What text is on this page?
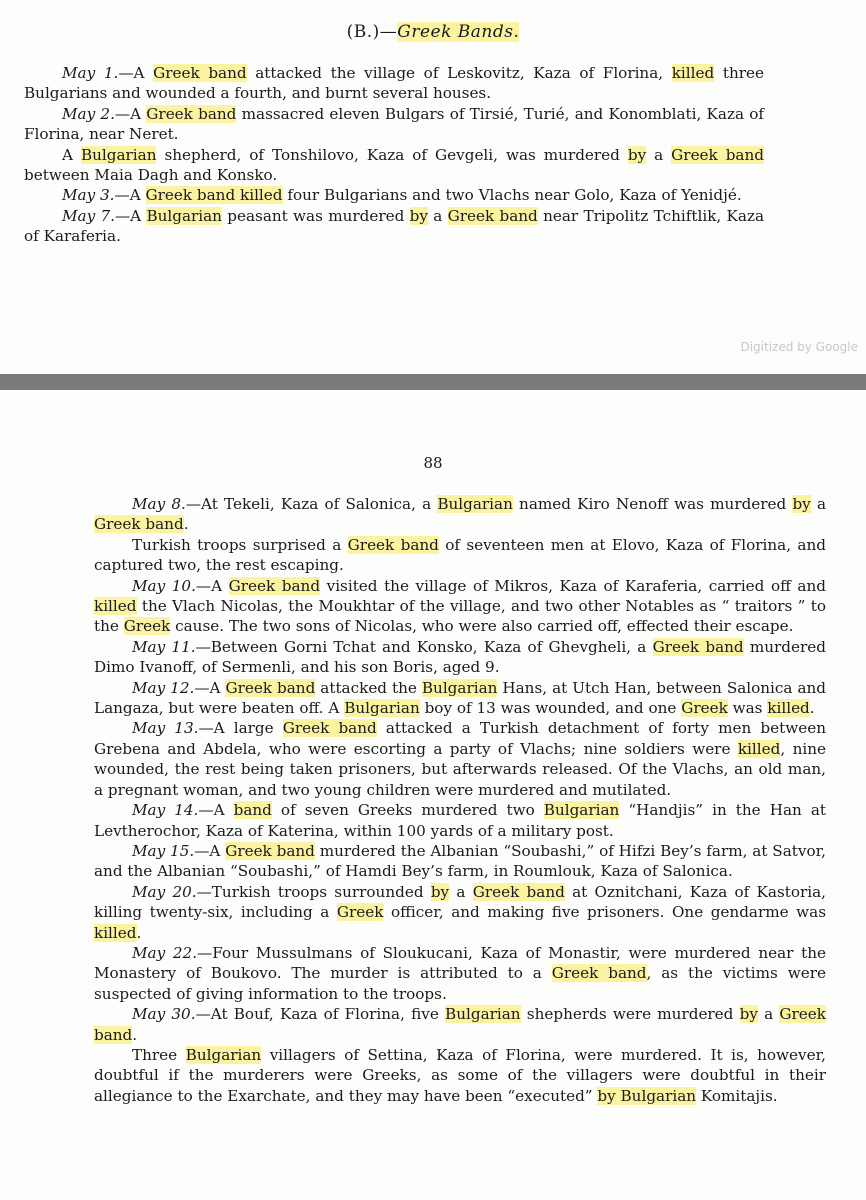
(B.)—Greek Bands.

May 1.—A Greek band attacked the village of Leskovitz, Kaza of Florina, killed three Bulgarians and wounded a fourth, and burnt several houses.

May 2.—A Greek band massacred eleven Bulgars of Tirsié, Turié, and Konomblati, Kaza of Florina, near Neret.

A Bulgarian shepherd, of Tonshilovo, Kaza of Gevgeli, was murdered by a Greek band between Maia Dagh and Konsko.

May 3.—A Greek band killed four Bulgarians and two Vlachs near Golo, Kaza of Yenidjé.

May 7.—A Bulgarian peasant was murdered by a Greek band near Tripolitz Tchiftlik, Kaza of Karaferia.

Digitized by Google
88

May 8.—At Tekeli, Kaza of Salonica, a Bulgarian named Kiro Nenoff was murdered by a Greek band.

Turkish troops surprised a Greek band of seventeen men at Elovo, Kaza of Florina, and captured two, the rest escaping.

May 10.—A Greek band visited the village of Mikros, Kaza of Karaferia, carried off and killed the Vlach Nicolas, the Moukhtar of the village, and two other Notables as “ traitors ” to the Greek cause. The two sons of Nicolas, who were also carried off, effected their escape.

May 11.—Between Gorni Tchat and Konsko, Kaza of Ghevgheli, a Greek band murdered Dimo Ivanoff, of Sermenli, and his son Boris, aged 9.

May 12.—A Greek band attacked the Bulgarian Hans, at Utch Han, between Salonica and Langaza, but were beaten off. A Bulgarian boy of 13 was wounded, and one Greek was killed.

May 13.—A large Greek band attacked a Turkish detachment of forty men between Grebena and Abdela, who were escorting a party of Vlachs; nine soldiers were killed, nine wounded, the rest being taken prisoners, but afterwards released. Of the Vlachs, an old man, a pregnant woman, and two young children were murdered and mutilated.

May 14.—A band of seven Greeks murdered two Bulgarian “Handjis” in the Han at Levtherochor, Kaza of Katerina, within 100 yards of a military post.

May 15.—A Greek band murdered the Albanian “Soubashi,” of Hifzi Bey’s farm, at Satvor, and the Albanian “Soubashi,” of Hamdi Bey’s farm, in Roumlouk, Kaza of Salonica.

May 20.—Turkish troops surrounded by a Greek band at Oznitchani, Kaza of Kastoria, killing twenty-six, including a Greek officer, and making five prisoners. One gendarme was killed.

May 22.—Four Mussulmans of Sloukucani, Kaza of Monastir, were murdered near the Monastery of Boukovo. The murder is attributed to a Greek band, as the victims were suspected of giving information to the troops.

May 30.—At Bouf, Kaza of Florina, five Bulgarian shepherds were murdered by a Greek band.

Three Bulgarian villagers of Settina, Kaza of Florina, were murdered. It is, however, doubtful if the murderers were Greeks, as some of the villagers were doubtful in their allegiance to the Exarchate, and they may have been “executed” by Bulgarian Komitajis.
